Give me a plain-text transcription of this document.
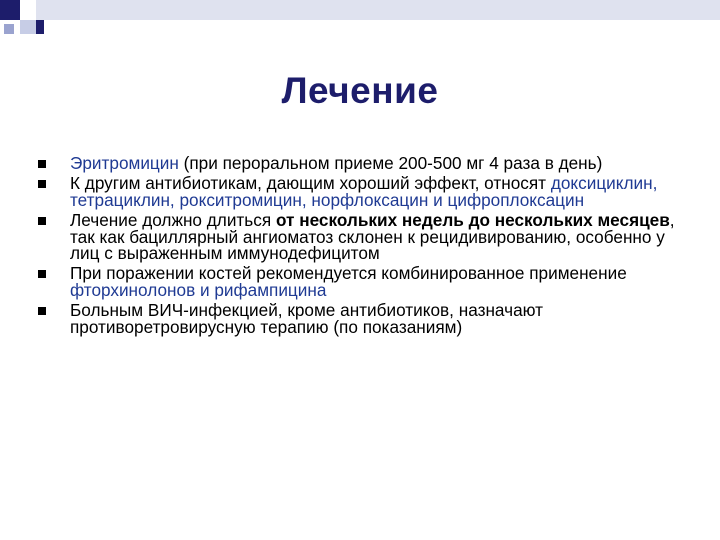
Лечение
Эритромицин (при пероральном приеме 200-500 мг 4 раза в день)
К другим антибиотикам, дающим хороший эффект, относят доксициклин, тетрациклин, рокситромицин, норфлоксацин и цифроплоксацин
Лечение должно длиться от нескольких недель до нескольких месяцев, так как бациллярный ангиоматоз склонен к рецидивированию, особенно у лиц с выраженным иммунодефицитом
При поражении костей рекомендуется комбинированное применение фторхинолонов и рифампицина
Больным ВИЧ-инфекцией, кроме антибиотиков, назначают противоретровирусную терапию (по показаниям)
